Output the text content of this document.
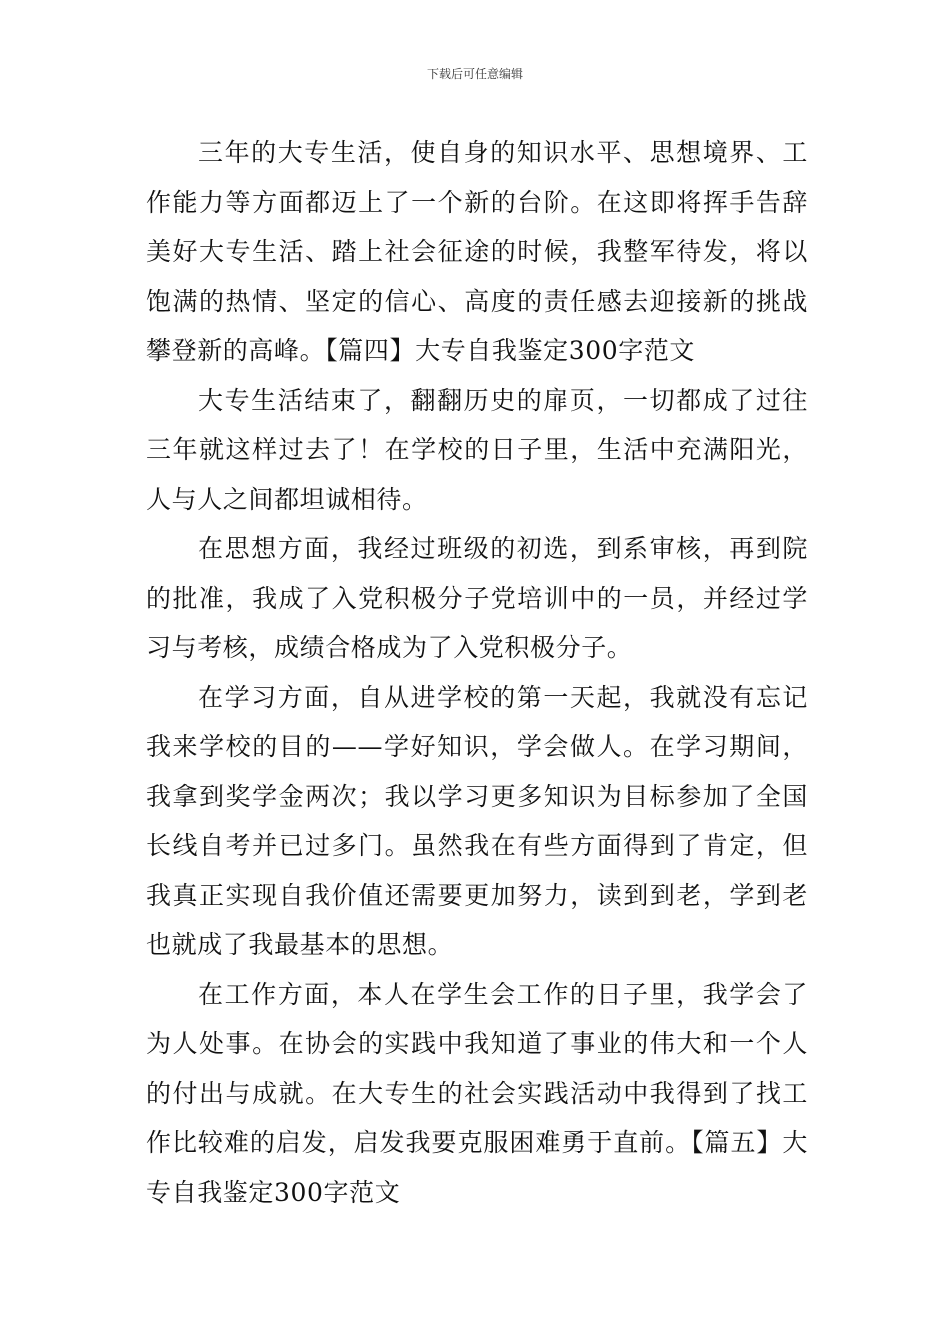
下载后可任意编辑

三年的大专生活，使自身的知识水平、思想境界、工作能力等方面都迈上了一个新的台阶。在这即将挥手告辞美好大专生活、踏上社会征途的时候，我整军待发，将以饱满的热情、坚定的信心、高度的责任感去迎接新的挑战攀登新的高峰。【篇四】大专自我鉴定300字范文

大专生活结束了，翻翻历史的扉页，一切都成了过往三年就这样过去了！在学校的日子里，生活中充满阳光，人与人之间都坦诚相待。

在思想方面，我经过班级的初选，到系审核，再到院的批准，我成了入党积极分子党培训中的一员，并经过学习与考核，成绩合格成为了入党积极分子。

在学习方面，自从进学校的第一天起，我就没有忘记我来学校的目的——学好知识，学会做人。在学习期间，我拿到奖学金两次；我以学习更多知识为目标参加了全国长线自考并已过多门。虽然我在有些方面得到了肯定，但我真正实现自我价值还需要更加努力，读到到老，学到老也就成了我最基本的思想。

在工作方面，本人在学生会工作的日子里，我学会了为人处事。在协会的实践中我知道了事业的伟大和一个人的付出与成就。在大专生的社会实践活动中我得到了找工作比较难的启发，启发我要克服困难勇于直前。【篇五】大专自我鉴定300字范文
